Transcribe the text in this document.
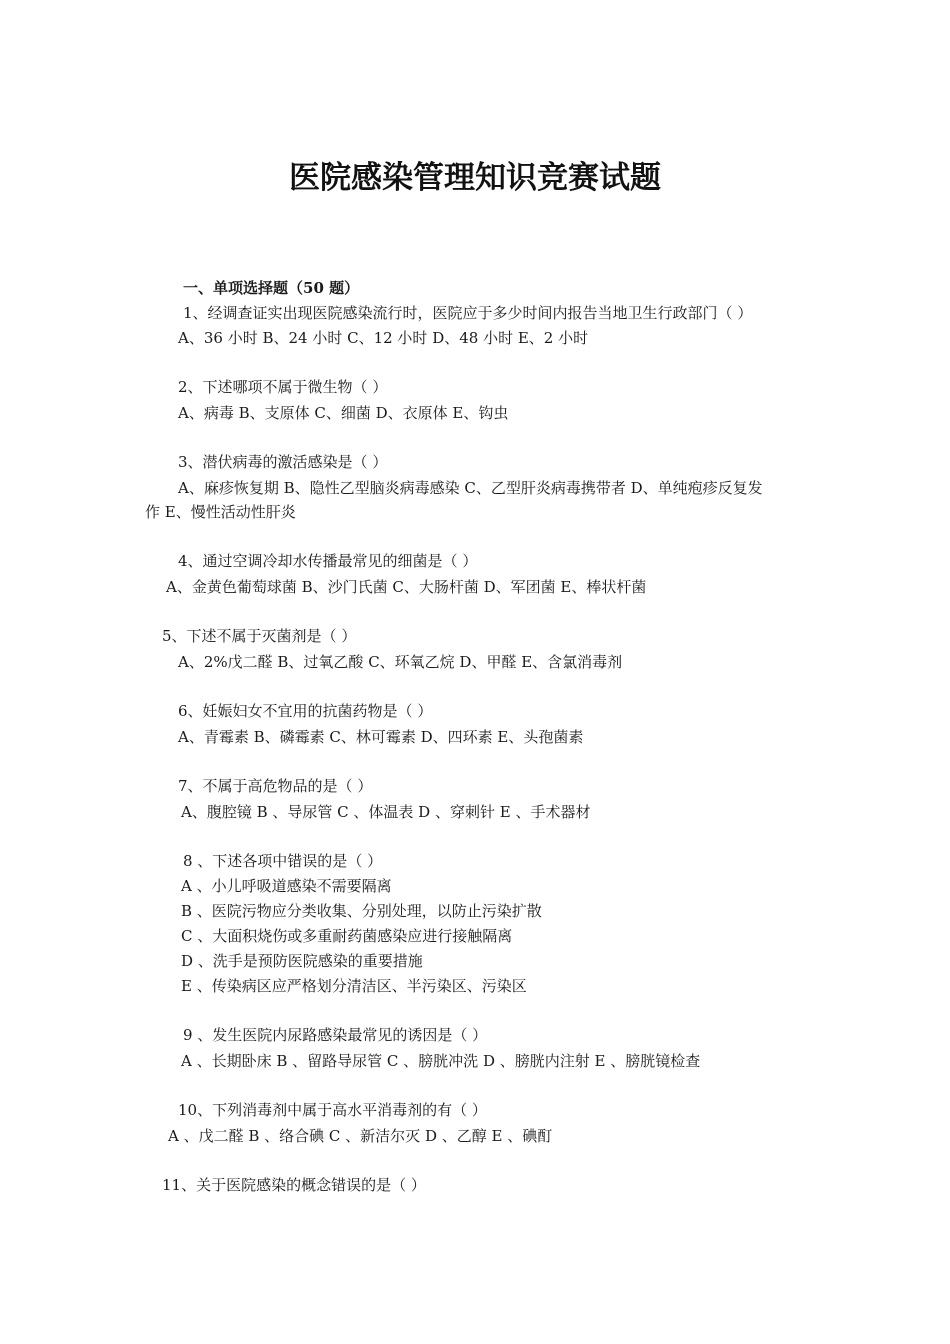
医院感染管理知识竞赛试题
一、单项选择题（50 题）
1、经调查证实出现医院感染流行时，医院应于多少时间内报告当地卫生行政部门（ ）
A、36 小时 B、24 小时 C、12 小时 D、48 小时 E、2 小时
2、下述哪项不属于微生物（ ）
A、病毒 B、支原体 C、细菌 D、衣原体 E、钩虫
3、潜伏病毒的激活感染是（ ）
A、麻疹恢复期 B、隐性乙型脑炎病毒感染 C、乙型肝炎病毒携带者 D、单纯疱疹反复发
作 E、慢性活动性肝炎
4、通过空调冷却水传播最常见的细菌是（ ）
A、金黄色葡萄球菌 B、沙门氏菌 C、大肠杆菌 D、军团菌 E、棒状杆菌
5、下述不属于灭菌剂是（ ）
A、2%戊二醛 B、过氧乙酸 C、环氧乙烷 D、甲醛 E、含氯消毒剂
6、妊娠妇女不宜用的抗菌药物是（ ）
A、青霉素 B、磷霉素 C、林可霉素 D、四环素 E、头孢菌素
7、不属于高危物品的是（ ）
A、腹腔镜 B 、导尿管 C 、体温表 D 、穿刺针 E 、手术器材
8 、下述各项中错误的是（ ）
A 、小儿呼吸道感染不需要隔离
B 、医院污物应分类收集、分别处理，以防止污染扩散
C 、大面积烧伤或多重耐药菌感染应进行接触隔离
D 、洗手是预防医院感染的重要措施
E 、传染病区应严格划分清洁区、半污染区、污染区
9 、发生医院内尿路感染最常见的诱因是（ ）
A 、长期卧床 B 、留路导尿管 C 、膀胱冲洗 D 、膀胱内注射 E 、膀胱镜检查
10、下列消毒剂中属于高水平消毒剂的有（ ）
A 、戊二醛 B 、络合碘 C 、新洁尔灭 D 、乙醇 E 、碘酊
11、关于医院感染的概念错误的是（ ）
